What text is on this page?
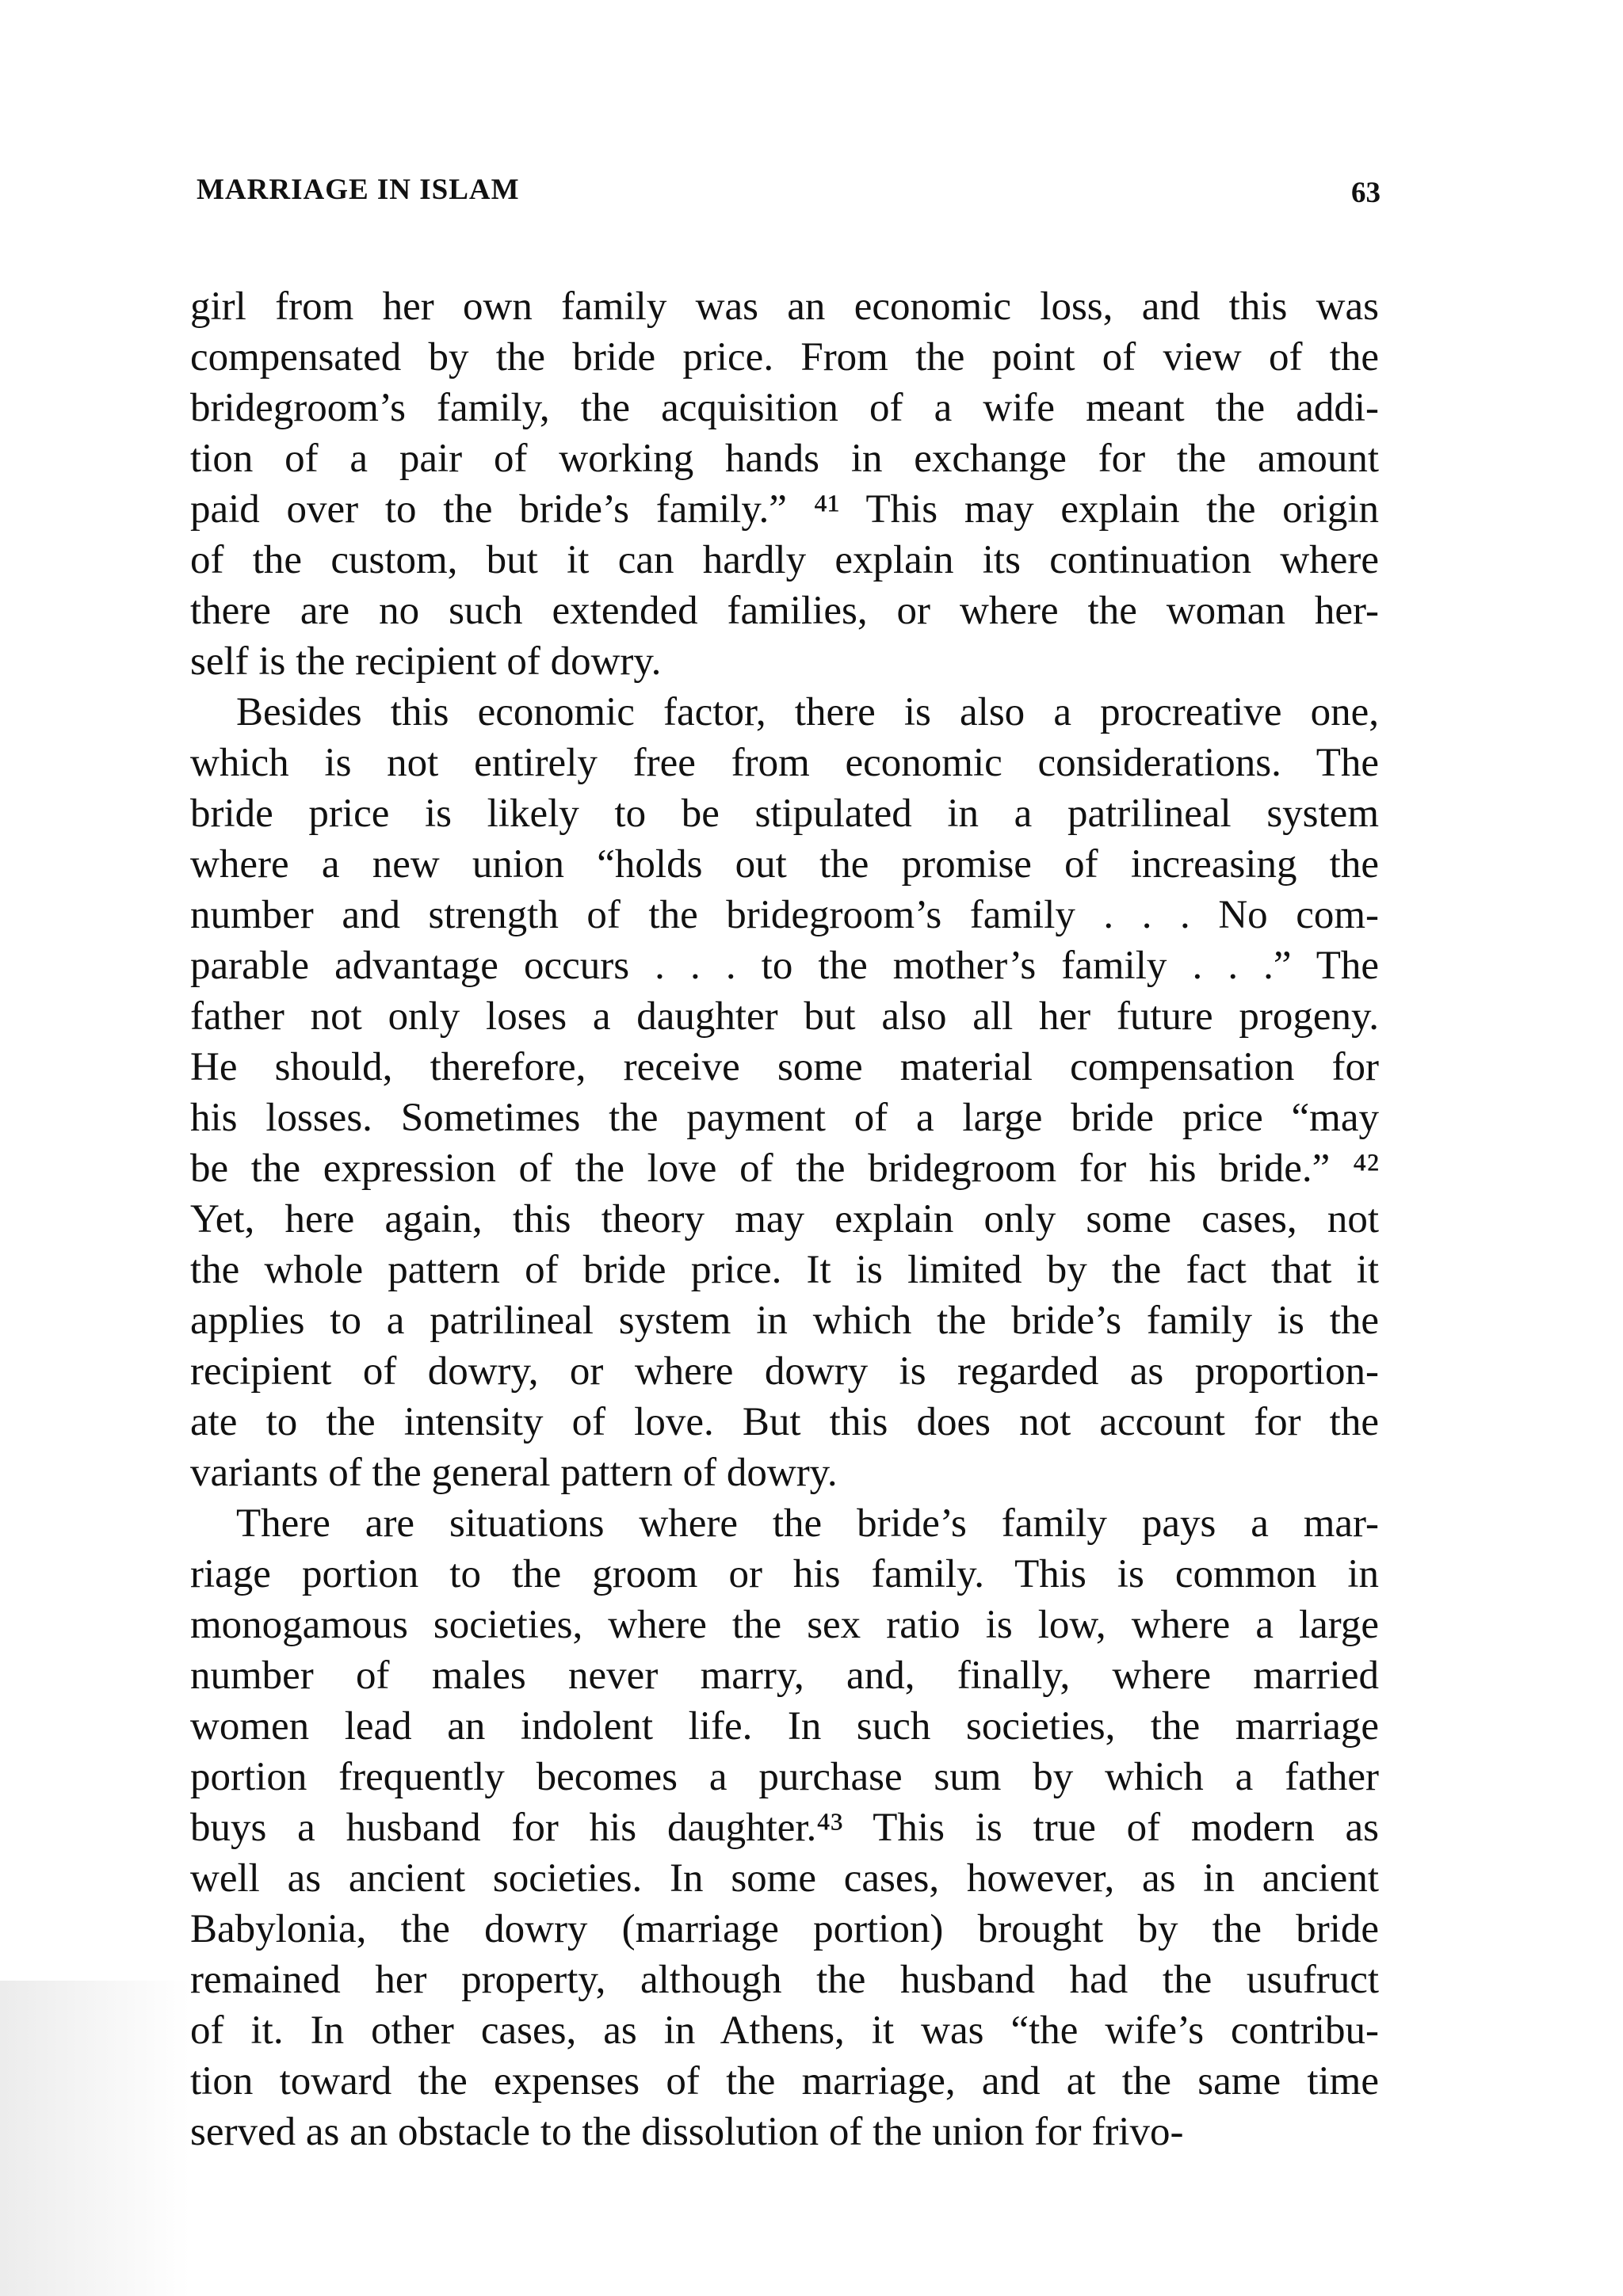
MARRIAGE IN ISLAM	63
girl from her own family was an economic loss, and this was
compensated by the bride price. From the point of view of the
bridegroom’s family, the acquisition of a wife meant the addi-
tion of a pair of working hands in exchange for the amount
paid over to the bride’s family.” ⁴¹ This may explain the origin
of the custom, but it can hardly explain its continuation where
there are no such extended families, or where the woman her-
self is the recipient of dowry.
Besides this economic factor, there is also a procreative one,
which is not entirely free from economic considerations. The
bride price is likely to be stipulated in a patrilineal system
where a new union “holds out the promise of increasing the
number and strength of the bridegroom’s family . . . No com-
parable advantage occurs . . . to the mother’s family . . .” The
father not only loses a daughter but also all her future progeny.
He should, therefore, receive some material compensation for
his losses. Sometimes the payment of a large bride price “may
be the expression of the love of the bridegroom for his bride.” ⁴²
Yet, here again, this theory may explain only some cases, not
the whole pattern of bride price. It is limited by the fact that it
applies to a patrilineal system in which the bride’s family is the
recipient of dowry, or where dowry is regarded as proportion-
ate to the intensity of love. But this does not account for the
variants of the general pattern of dowry.
There are situations where the bride’s family pays a mar-
riage portion to the groom or his family. This is common in
monogamous societies, where the sex ratio is low, where a large
number of males never marry, and, finally, where married
women lead an indolent life. In such societies, the marriage
portion frequently becomes a purchase sum by which a father
buys a husband for his daughter.⁴³ This is true of modern as
well as ancient societies. In some cases, however, as in ancient
Babylonia, the dowry (marriage portion) brought by the bride
remained her property, although the husband had the usufruct
of it. In other cases, as in Athens, it was “the wife’s contribu-
tion toward the expenses of the marriage, and at the same time
served as an obstacle to the dissolution of the union for frivo-
